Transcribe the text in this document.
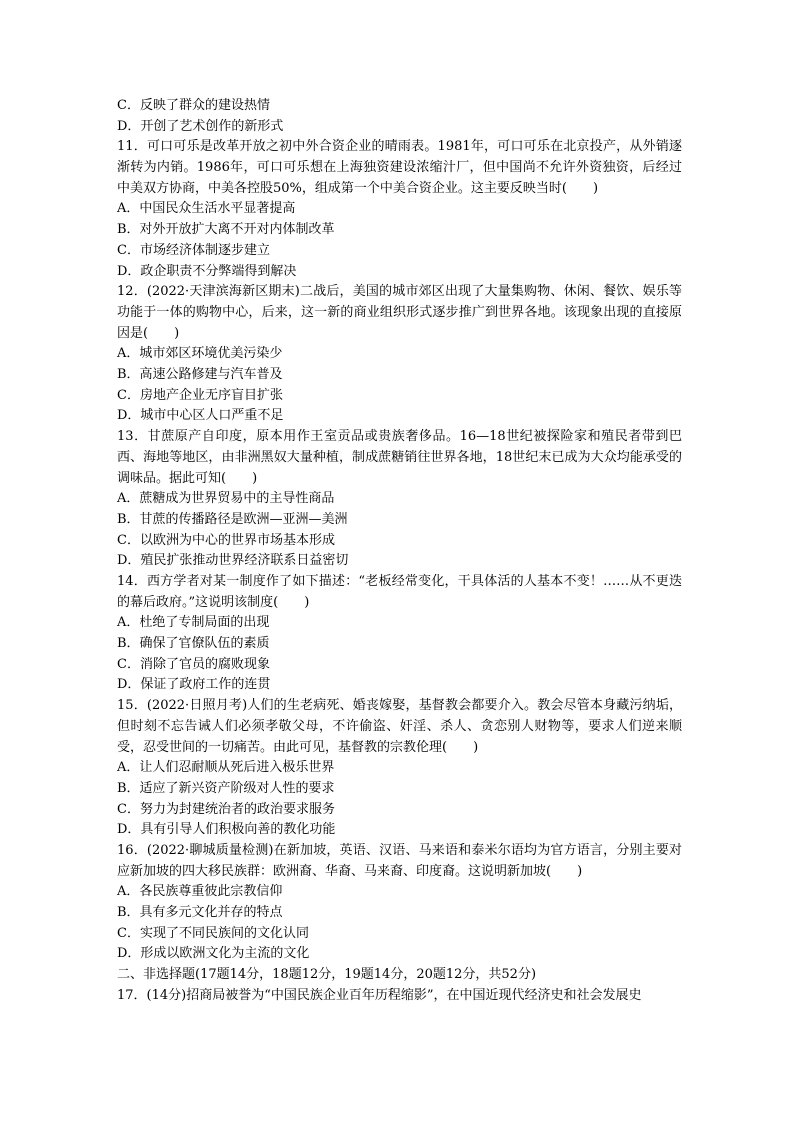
C．反映了群众的建设热情
D．开创了艺术创作的新形式
11．可口可乐是改革开放之初中外合资企业的晴雨表。1981年，可口可乐在北京投产，从外销逐渐转为内销。1986年，可口可乐想在上海独资建设浓缩汁厂，但中国尚不允许外资独资，后经过中美双方协商，中美各控股50%，组成第一个中美合资企业。这主要反映当时(　　)
A．中国民众生活水平显著提高
B．对外开放扩大离不开对内体制改革
C．市场经济体制逐步建立
D．政企职责不分弊端得到解决
12．(2022·天津滨海新区期末)二战后，美国的城市郊区出现了大量集购物、休闲、餐饮、娱乐等功能于一体的购物中心，后来，这一新的商业组织形式逐步推广到世界各地。该现象出现的直接原因是(　　)
A．城市郊区环境优美污染少
B．高速公路修建与汽车普及
C．房地产企业无序盲目扩张
D．城市中心区人口严重不足
13．甘蔗原产自印度，原本用作王室贡品或贵族奢侈品。16—18世纪被探险家和殖民者带到巴西、海地等地区，由非洲黑奴大量种植，制成蔗糖销往世界各地，18世纪末已成为大众均能承受的调味品。据此可知(　　)
A．蔗糖成为世界贸易中的主导性商品
B．甘蔗的传播路径是欧洲—亚洲—美洲
C．以欧洲为中心的世界市场基本形成
D．殖民扩张推动世界经济联系日益密切
14．西方学者对某一制度作了如下描述：“老板经常变化，干具体活的人基本不变！……从不更迭的幕后政府。”这说明该制度(　　)
A．杜绝了专制局面的出现
B．确保了官僚队伍的素质
C．消除了官员的腐败现象
D．保证了政府工作的连贯
15．(2022·日照月考)人们的生老病死、婚丧嫁娶，基督教会都要介入。教会尽管本身藏污纳垢，但时刻不忘告诫人们必须孝敬父母，不许偷盗、奸淫、杀人、贪恋别人财物等，要求人们逆来顺受，忍受世间的一切痛苦。由此可见，基督教的宗教伦理(　　)
A．让人们忍耐顺从死后进入极乐世界
B．适应了新兴资产阶级对人性的要求
C．努力为封建统治者的政治要求服务
D．具有引导人们积极向善的教化功能
16．(2022·聊城质量检测)在新加坡，英语、汉语、马来语和泰米尔语均为官方语言，分别主要对应新加坡的四大移民族群：欧洲裔、华裔、马来裔、印度裔。这说明新加坡(　　)
A．各民族尊重彼此宗教信仰
B．具有多元文化并存的特点
C．实现了不同民族间的文化认同
D．形成以欧洲文化为主流的文化
二、非选择题(17题14分，18题12分，19题14分，20题12分，共52分)
17．(14分)招商局被誉为“中国民族企业百年历程缩影”，在中国近现代经济史和社会发展史
